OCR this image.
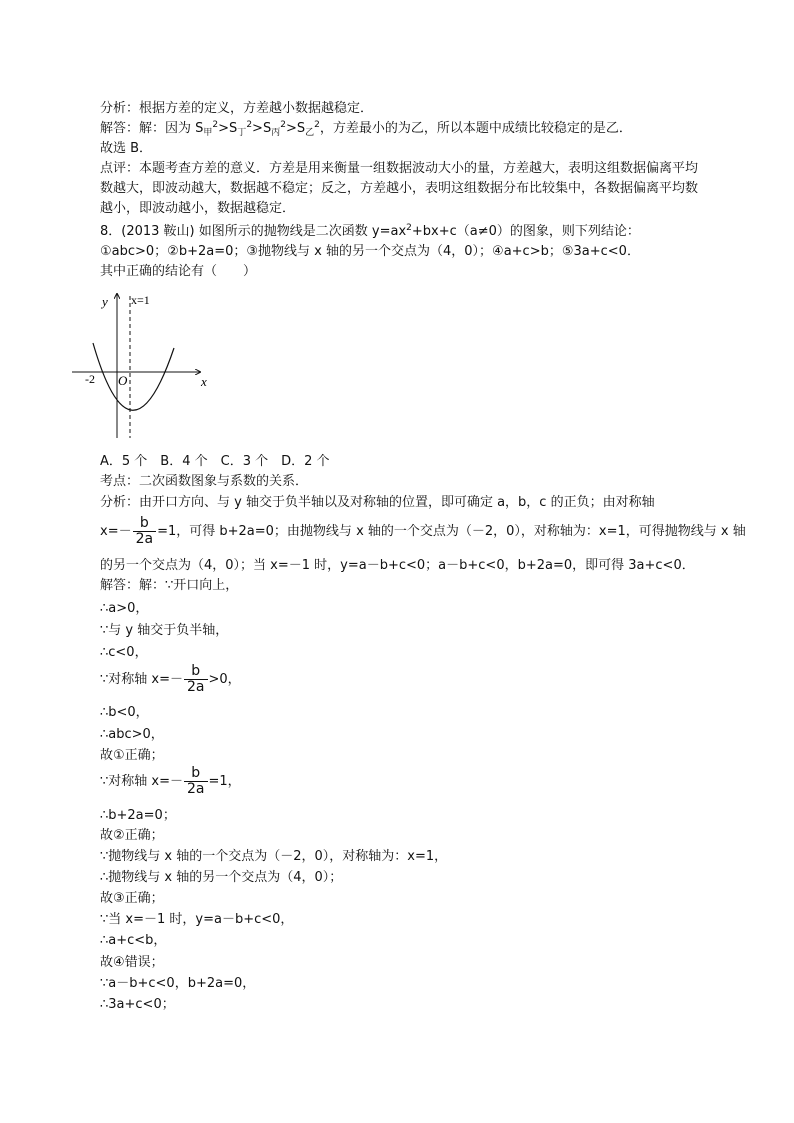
分析：根据方差的定义，方差越小数据越稳定．
解答：解：因为 $S_甲^2>S_丁^2>S_丙^2>S_乙^2$，方差最小的为乙，所以本题中成绩比较稳定的是乙．
故选 B．
点评：本题考查方差的意义．方差是用来衡量一组数据波动大小的量，方差越大，表明这组数据偏离平均
数越大，即波动越大，数据越不稳定；反之，方差越小，表明这组数据分布比较集中，各数据偏离平均数
越小，即波动越小，数据越稳定．
8．(2013 鞍山) 如图所示的抛物线是二次函数 $y=ax^2+bx+c(a\ne 0)$的图象，则下列结论：
①abc>0；②b+2a=0；③抛物线与 x 轴的另一个交点为（4，0）；④a+c>b；⑤3a+c<0．
其中正确的结论有（　　）
y x=1
x
O
-2
A．5 个　B．4 个　C．3 个　D．2 个
考点：二次函数图象与系数的关系．
分析：由开口方向、与 y 轴交于负半轴以及对称轴的位置，即可确定 a，b，c 的正负；由对称轴
$x=- \frac{b}{2a} =1$，可得 b+2a=0；由抛物线与 x 轴的一个交点为（－2，0），对称轴为：x=1，可得抛物线与 x 轴
的另一个交点为（4，0）；当 x=－1 时，y=a－b+c<0；a－b+c<0，b+2a=0，即可得 3a+c<0．
解答：解：∵开口向上，
∴a>0，
∵与 y 轴交于负半轴，
∴c<0，
∵对称轴 $x=- \frac{b}{2a} >0$，
∴b<0，
∴abc>0，
故①正确；
∵对称轴 $x=- \frac{b}{2a} =1$，
∴b+2a=0；
故②正确；
∵抛物线与 x 轴的一个交点为（－2，0），对称轴为：x=1，
∴抛物线与 x 轴的另一个交点为（4，0）；
故③正确；
∵当 x=－1 时，y=a－b+c<0，
∴a+c<b，
故④错误；
∵a－b+c<0，b+2a=0，
∴3a+c<0；
